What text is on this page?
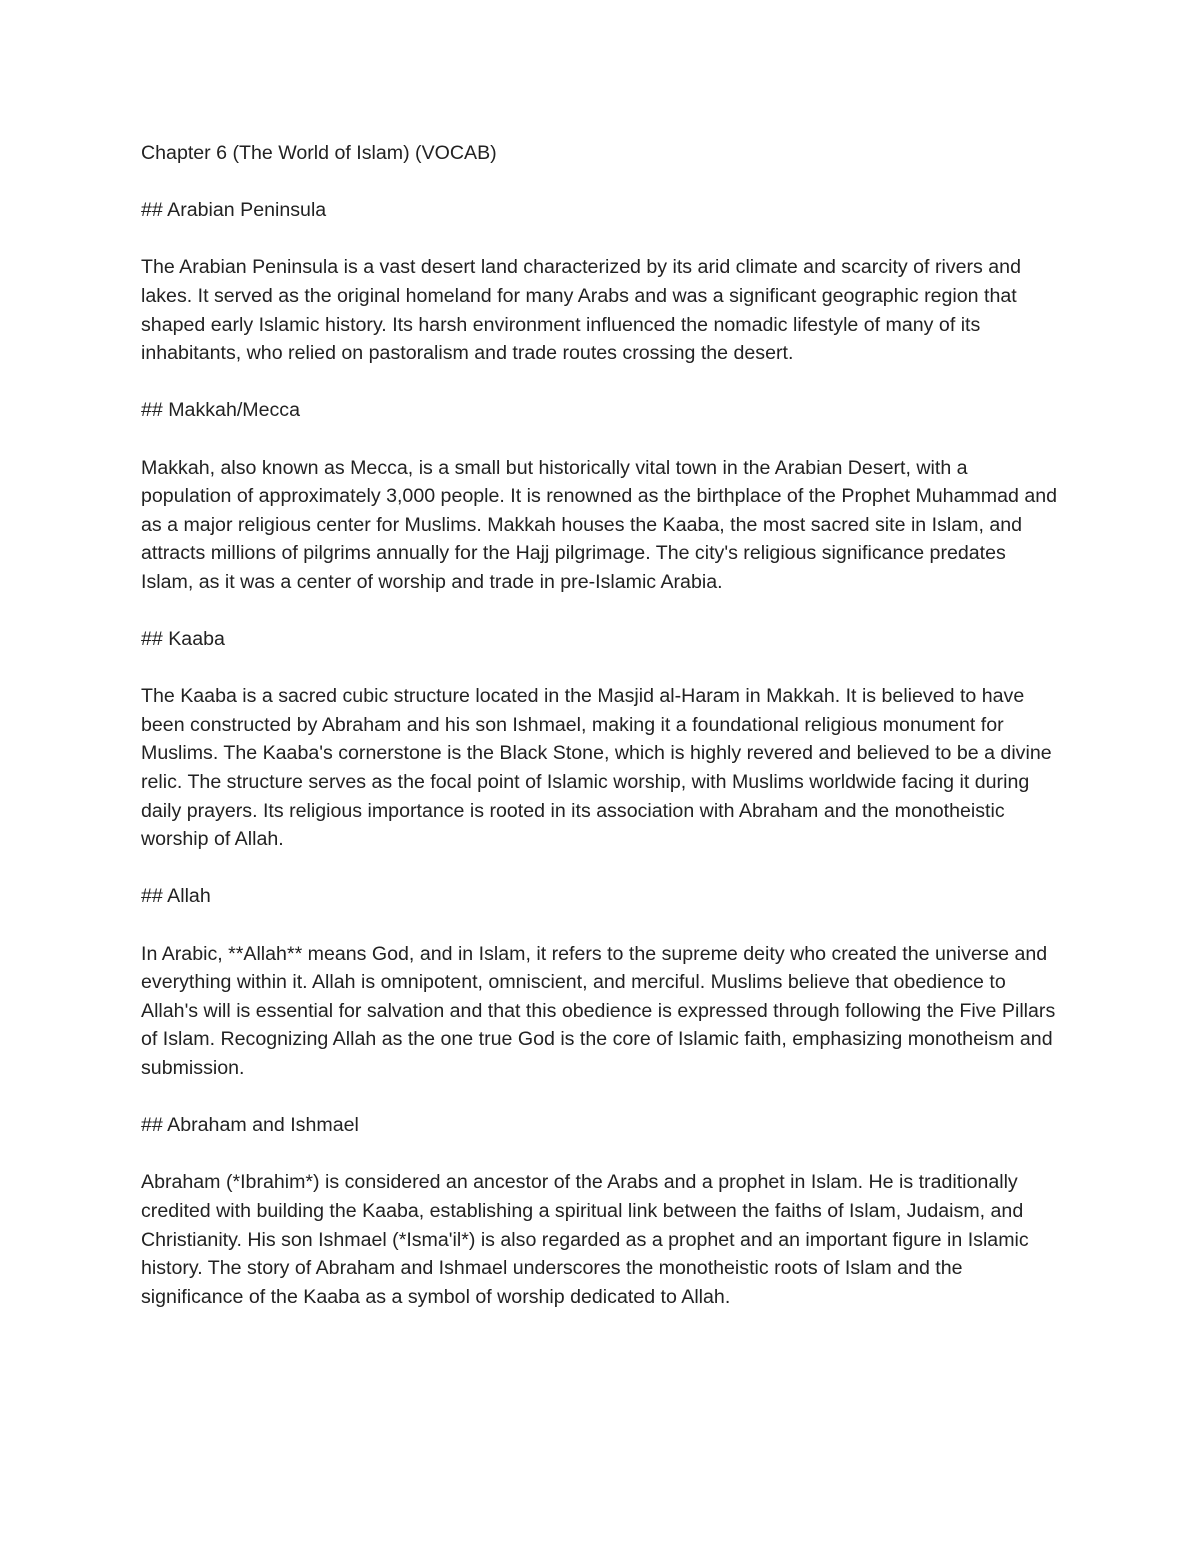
Chapter 6 (The World of Islam) (VOCAB)

## Arabian Peninsula

The Arabian Peninsula is a vast desert land characterized by its arid climate and scarcity of rivers and lakes. It served as the original homeland for many Arabs and was a significant geographic region that shaped early Islamic history. Its harsh environment influenced the nomadic lifestyle of many of its inhabitants, who relied on pastoralism and trade routes crossing the desert.

## Makkah/Mecca

Makkah, also known as Mecca, is a small but historically vital town in the Arabian Desert, with a population of approximately 3,000 people. It is renowned as the birthplace of the Prophet Muhammad and as a major religious center for Muslims. Makkah houses the Kaaba, the most sacred site in Islam, and attracts millions of pilgrims annually for the Hajj pilgrimage. The city's religious significance predates Islam, as it was a center of worship and trade in pre-Islamic Arabia.

## Kaaba

The Kaaba is a sacred cubic structure located in the Masjid al-Haram in Makkah. It is believed to have been constructed by Abraham and his son Ishmael, making it a foundational religious monument for Muslims. The Kaaba's cornerstone is the Black Stone, which is highly revered and believed to be a divine relic. The structure serves as the focal point of Islamic worship, with Muslims worldwide facing it during daily prayers. Its religious importance is rooted in its association with Abraham and the monotheistic worship of Allah.

## Allah

In Arabic, **Allah** means God, and in Islam, it refers to the supreme deity who created the universe and everything within it. Allah is omnipotent, omniscient, and merciful. Muslims believe that obedience to Allah's will is essential for salvation and that this obedience is expressed through following the Five Pillars of Islam. Recognizing Allah as the one true God is the core of Islamic faith, emphasizing monotheism and submission.

## Abraham and Ishmael

Abraham (*Ibrahim*) is considered an ancestor of the Arabs and a prophet in Islam. He is traditionally credited with building the Kaaba, establishing a spiritual link between the faiths of Islam, Judaism, and Christianity. His son Ishmael (*Isma'il*) is also regarded as a prophet and an important figure in Islamic history. The story of Abraham and Ishmael underscores the monotheistic roots of Islam and the significance of the Kaaba as a symbol of worship dedicated to Allah.
